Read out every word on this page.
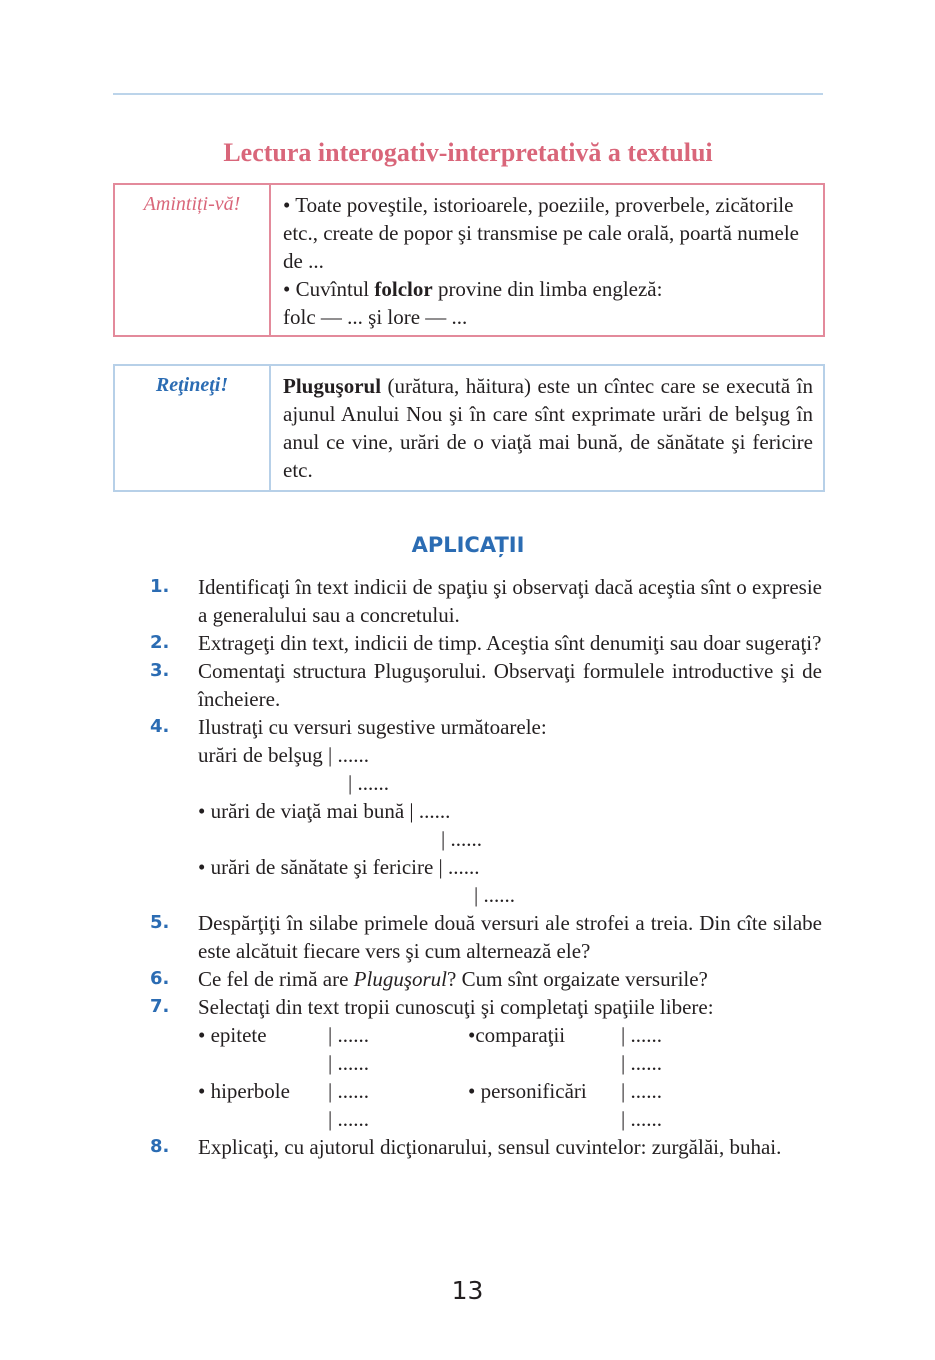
Lectura interogativ-interpretativă a textului
Amintiți-vă!	• Toate poveştile, istorioarele, poeziile, proverbele, zicătorile etc., create de popor şi transmise pe cale orală, poartă numele de ...
• Cuvîntul folclor provine din limba engleză:
folc — ... şi lore — ...
Reţineţi!	Pluguşorul (urătura, hăitura) este un cîntec care se execută în ajunul Anului Nou şi în care sînt exprimate urări de belşug în anul ce vine, urări de o viaţă mai bună, de sănătate şi fericire etc.
APLICAȚII
1.	Identificaţi în text indicii de spaţiu şi observaţi dacă aceştia sînt o expresie a generalului sau a concretului.
2.	Extrageţi din text, indicii de timp. Aceştia sînt denumiţi sau doar sugeraţi?
3.	Comentaţi structura Pluguşorului. Observaţi formulele introductive şi de încheiere.
4.	Ilustraţi cu versuri sugestive următoarele:
urări de belşug | ......
| ......
• urări de viaţă mai bună | ......
| ......
• urări de sănătate şi fericire | ......
| ......
5.	Despărţiţi în silabe primele două versuri ale strofei a treia. Din cîte silabe este alcătuit fiecare vers şi cum alternează ele?
6.	Ce fel de rimă are Pluguşorul? Cum sînt orgaizate versurile?
7.	Selectaţi din text tropii cunoscuţi şi completaţi spaţiile libere:
• epitete	| ......	•comparaţii	| ......
| ......	| ......
• hiperbole | ......	• personificări | ......
| ......	| ......
8.	Explicaţi, cu ajutorul dicţionarului, sensul cuvintelor: zurgălăi, buhai.
13
